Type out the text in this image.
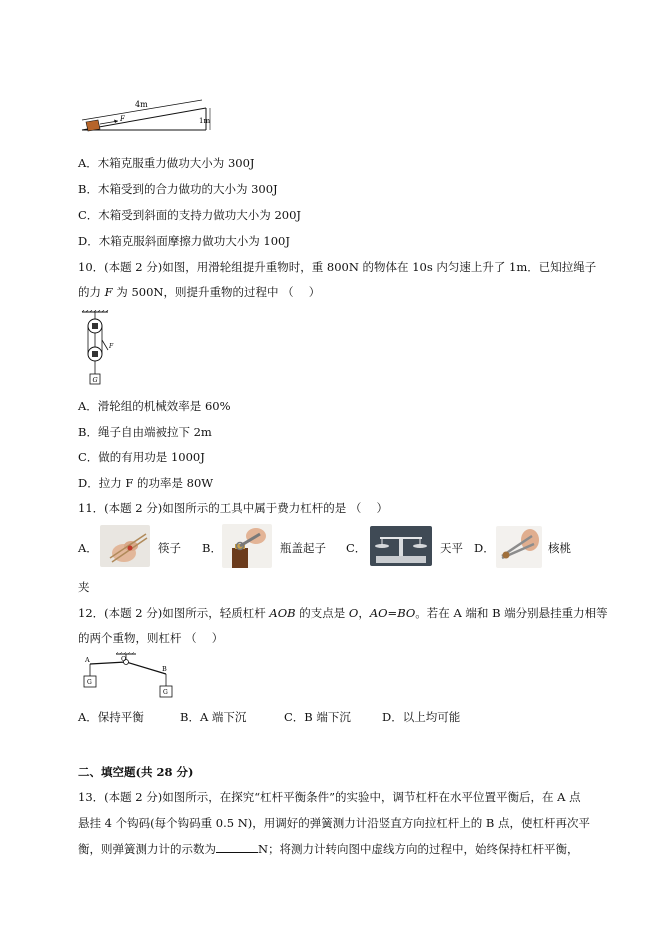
4m
1m
F
A．木箱克服重力做功大小为 300J
B．木箱受到的合力做功的大小为 300J
C．木箱受到斜面的支持力做功大小为 200J
D．木箱克服斜面摩擦力做功大小为 100J
10．(本题 2 分)如图，用滑轮组提升重物时，重 800N 的物体在 10s 内匀速上升了 1m．已知拉绳子
的力 F 为 500N，则提升重物的过程中 （　 ）
F
G
A．滑轮组的机械效率是 60%
B．绳子自由端被拉下 2m
C．做的有用功是 1000J
D．拉力 F 的功率是 80W
11．(本题 2 分)如图所示的工具中属于费力杠杆的是 （　 ）
A．	筷子 B．	瓶盖起子 C．	天平 D．	核桃
夹
12．(本题 2 分)如图所示，轻质杠杆 AOB 的支点是 O，AO=BO。若在 A 端和 B 端分别悬挂重力相等
的两个重物，则杠杆 （　 ）
A	O
B
G
G
A．保持平衡	B．A 端下沉	C．B 端下沉	D．以上均可能
二、填空题(共 28 分)
13．(本题 2 分)如图所示，在探究“杠杆平衡条件”的实验中，调节杠杆在水平位置平衡后，在 A 点
悬挂 4 个钩码(每个钩码重 0.5 N)，用调好的弹簧测力计沿竖直方向拉杠杆上的 B 点，使杠杆再次平
衡，则弹簧测力计的示数为	N；将测力计转向图中虚线方向的过程中，始终保持杠杆平衡，
